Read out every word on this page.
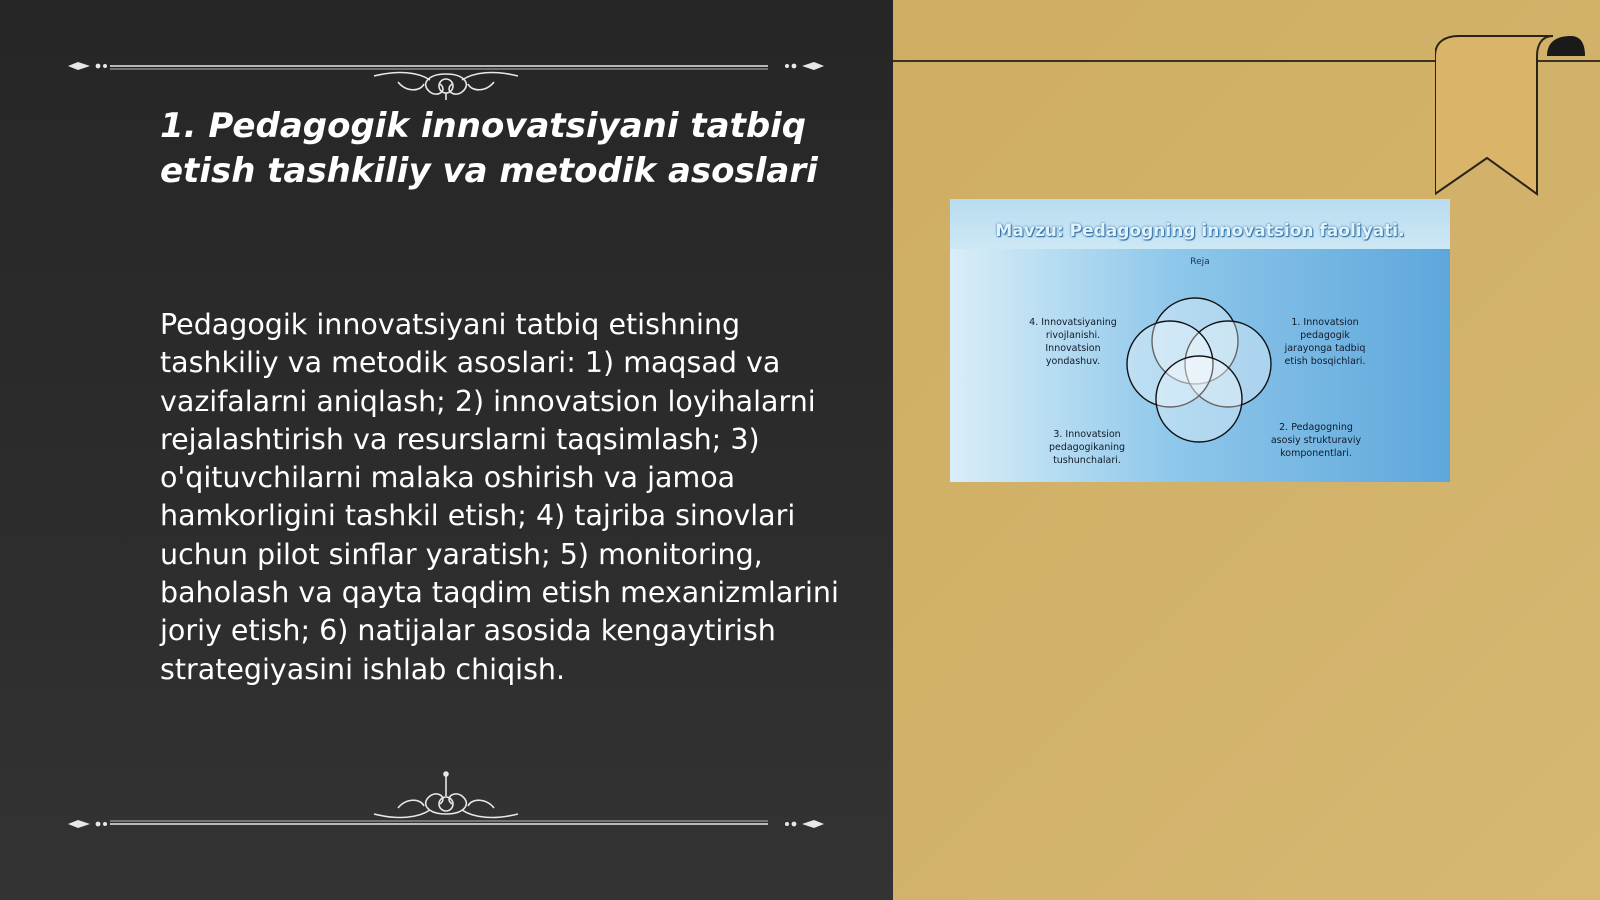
1. Pedagogik innovatsiyani tatbiq etish tashkiliy va metodik asoslari
Pedagogik innovatsiyani tatbiq etishning tashkiliy va metodik asoslari: 1) maqsad va vazifalarni aniqlash; 2) innovatsion loyihalarni rejalashtirish va resurslarni taqsimlash; 3) o'qituvchilarni malaka oshirish va jamoa hamkorligini tashkil etish; 4) tajriba sinovlari uchun pilot sinflar yaratish; 5) monitoring, baholash va qayta taqdim etish mexanizmlarini joriy etish; 6) natijalar asosida kengaytirish strategiyasini ishlab chiqish.
Mavzu: Pedagogning innovatsion faoliyati.
Reja
4. Innovatsiyaning rivojlanishi. Innovatsion yondashuv.
1. Innovatsion pedagogik jarayonga tadbiq etish bosqichlari.
3. Innovatsion pedagogikaning tushunchalari.
2. Pedagogning asosiy strukturaviy komponentlari.
